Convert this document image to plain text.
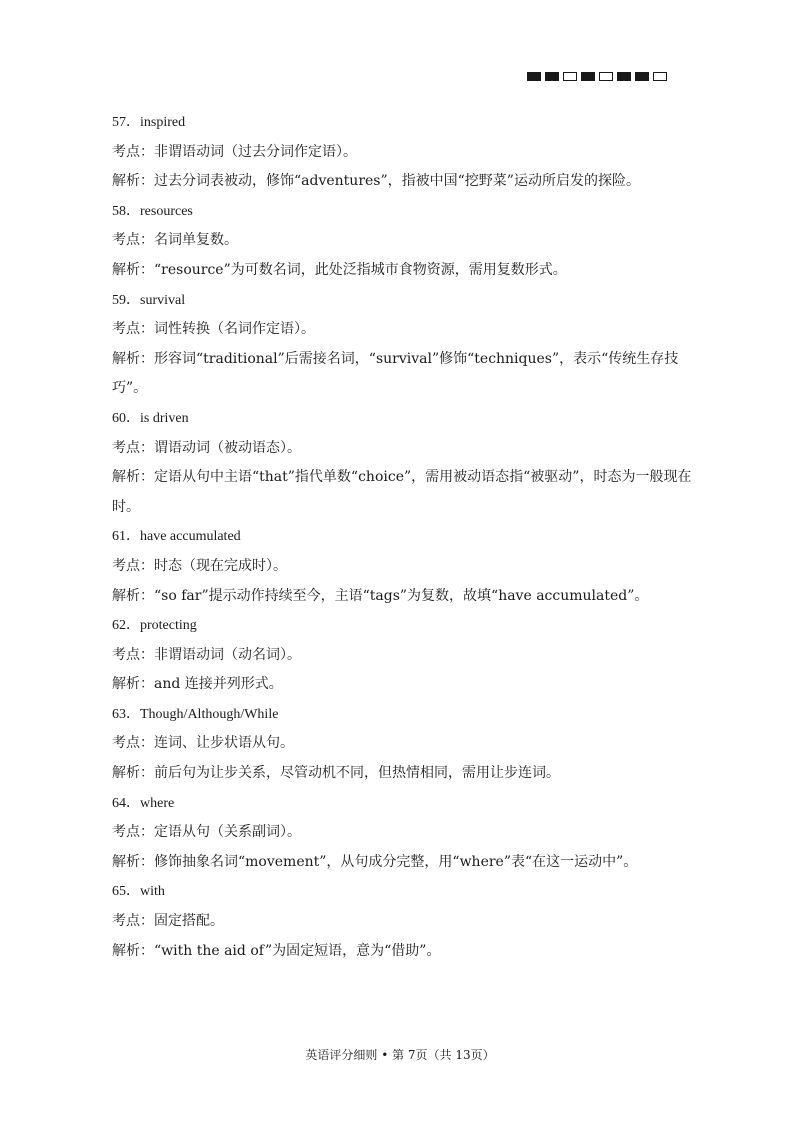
57．inspired
考点：非谓语动词（过去分词作定语）。
解析：过去分词表被动，修饰“adventures”，指被中国“挖野菜”运动所启发的探险。
58．resources
考点：名词单复数。
解析：“resource”为可数名词，此处泛指城市食物资源，需用复数形式。
59．survival
考点：词性转换（名词作定语）。
解析：形容词“traditional”后需接名词，“survival”修饰“techniques”，表示“传统生存技巧”。
60．is driven
考点：谓语动词（被动语态）。
解析：定语从句中主语“that”指代单数“choice”，需用被动语态指“被驱动”，时态为一般现在时。
61．have accumulated
考点：时态（现在完成时）。
解析：“so far”提示动作持续至今，主语“tags”为复数，故填“have accumulated”。
62．protecting
考点：非谓语动词（动名词）。
解析：and 连接并列形式。
63．Though/Although/While
考点：连词、让步状语从句。
解析：前后句为让步关系，尽管动机不同，但热情相同，需用让步连词。
64．where
考点：定语从句（关系副词）。
解析：修饰抽象名词“movement”，从句成分完整，用“where”表“在这一运动中”。
65．with
考点：固定搭配。
解析：“with the aid of”为固定短语，意为“借助”。
英语评分细则 • 第 7页（共 13页）
